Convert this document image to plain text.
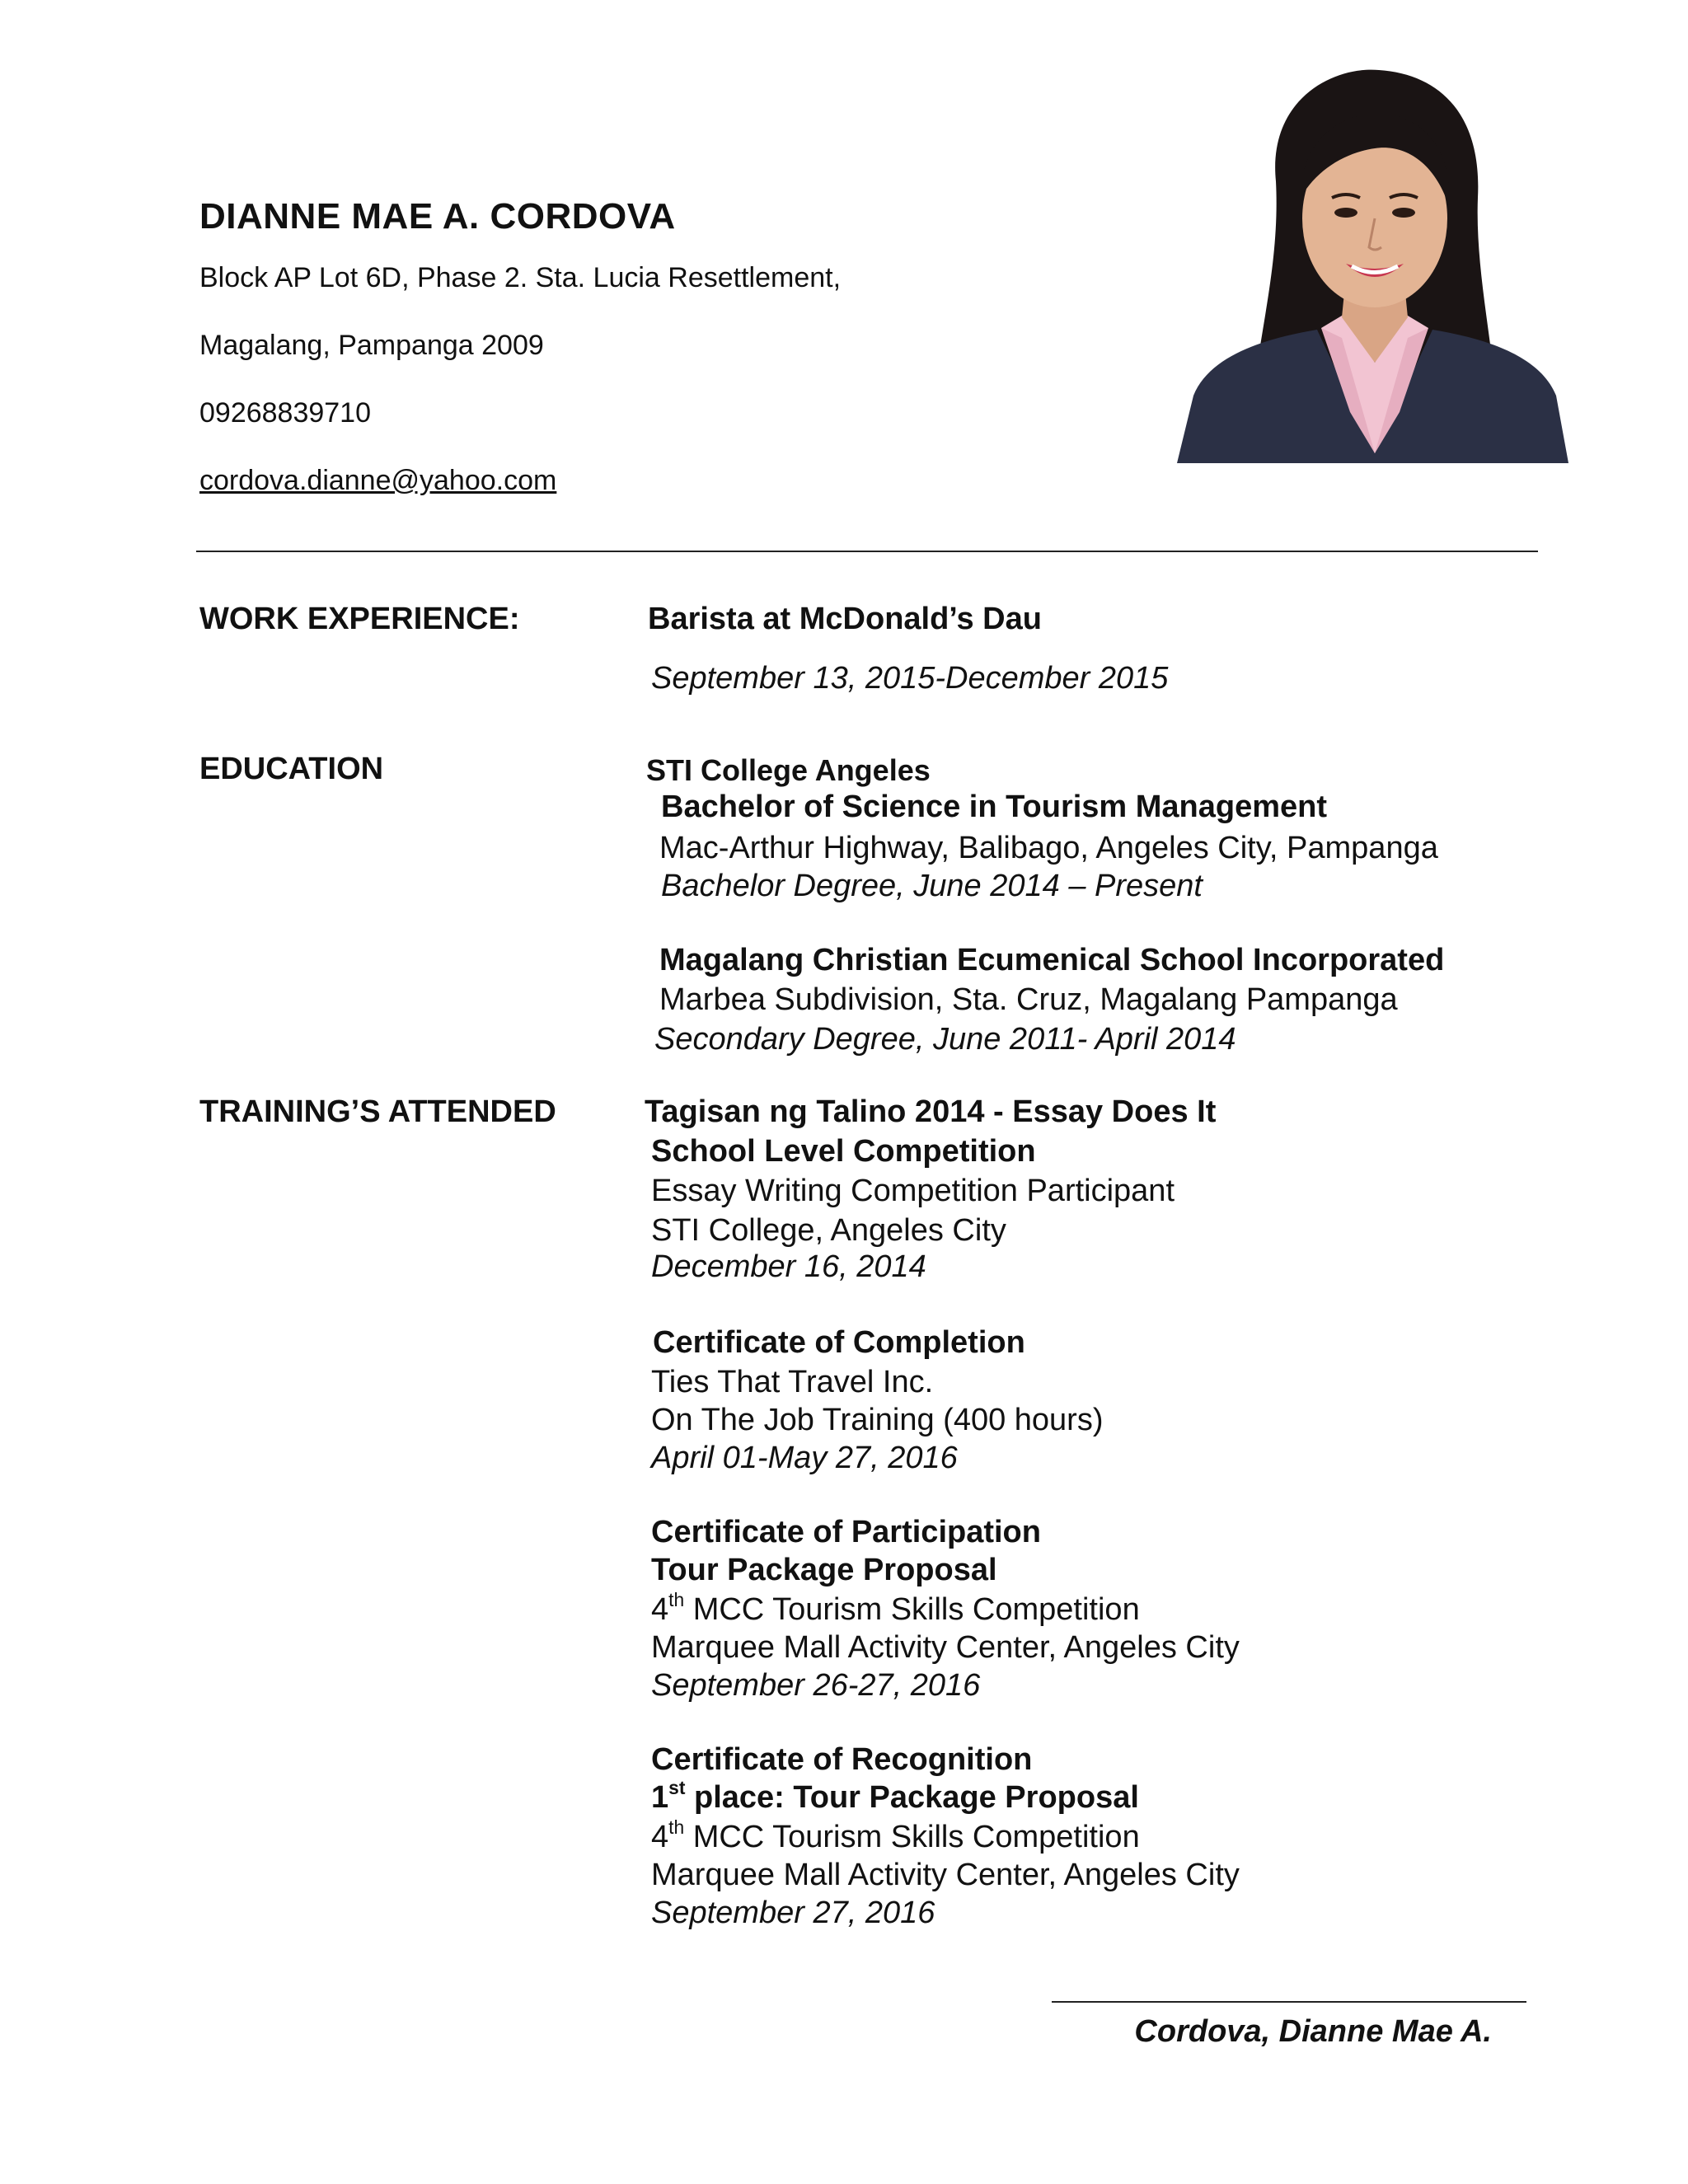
DIANNE MAE A. CORDOVA

Block AP Lot 6D, Phase 2. Sta. Lucia Resettlement,

Magalang, Pampanga 2009

09268839710

cordova.dianne@yahoo.com

WORK EXPERIENCE:	Barista at McDonald’s Dau

September 13, 2015-December 2015

EDUCATION	STI College Angeles

Bachelor of Science in Tourism Management

Mac-Arthur Highway, Balibago, Angeles City, Pampanga

Bachelor Degree, June 2014 – Present

Magalang Christian Ecumenical School Incorporated

Marbea Subdivision, Sta. Cruz, Magalang Pampanga

Secondary Degree, June 2011- April 2014

TRAINING’S ATTENDED	Tagisan ng Talino 2014 - Essay Does It

School Level Competition

Essay Writing Competition Participant

STI College, Angeles City

December 16, 2014

Certificate of Completion

Ties That Travel Inc.

On The Job Training (400 hours)

April 01-May 27, 2016

Certificate of Participation

Tour Package Proposal

4th MCC Tourism Skills Competition

Marquee Mall Activity Center, Angeles City

September 26-27, 2016

Certificate of Recognition

1st place: Tour Package Proposal

4th MCC Tourism Skills Competition

Marquee Mall Activity Center, Angeles City

September 27, 2016

Cordova, Dianne Mae A.
